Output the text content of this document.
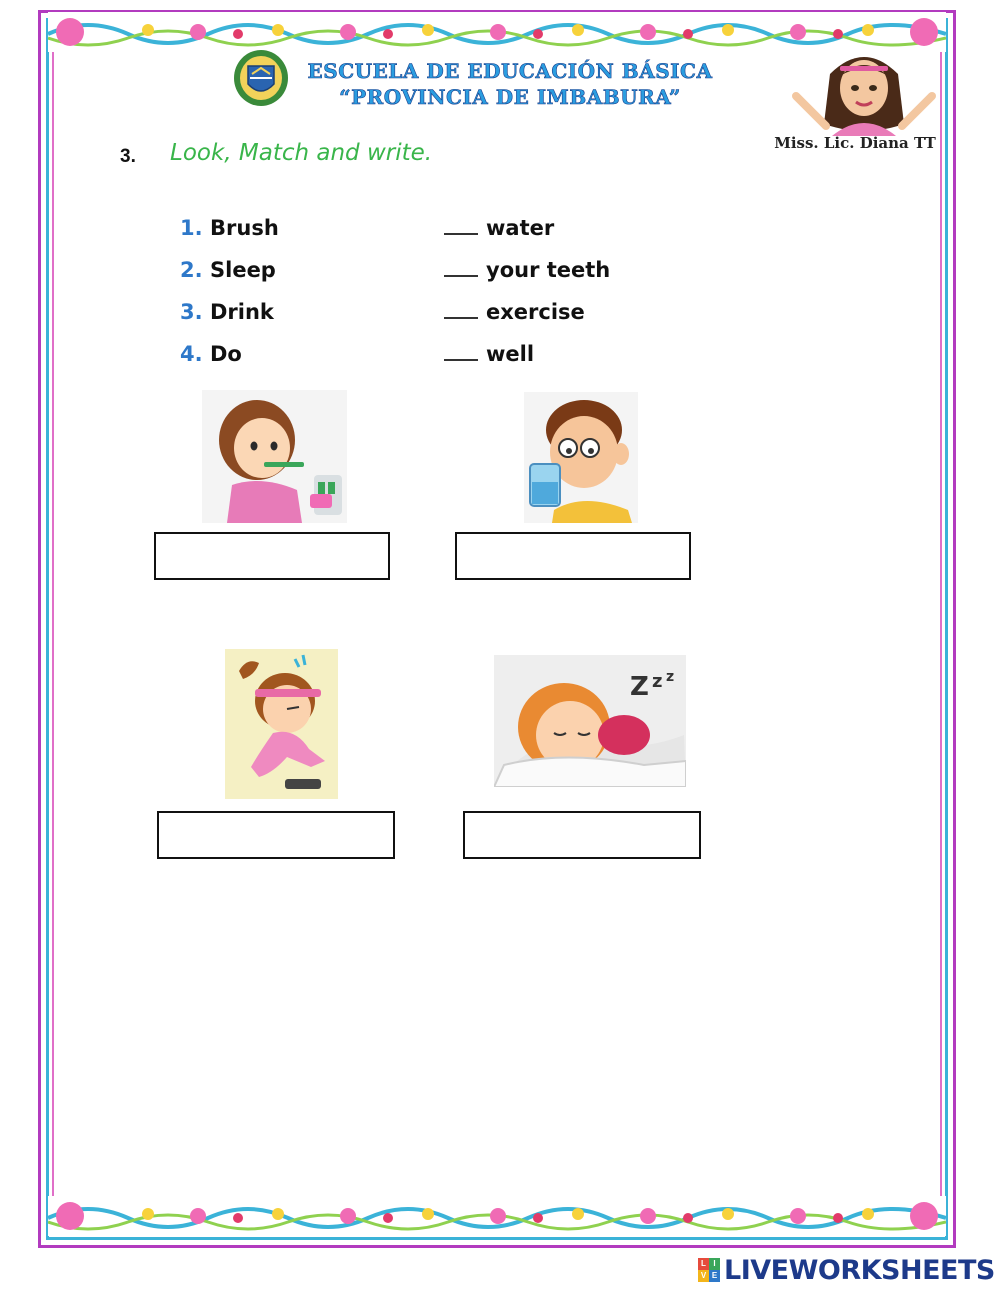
ESCUELA DE EDUCACIÓN BÁSICA
“PROVINCIA DE IMBABURA”
Miss. Lic. Diana TT
3. Look, Match and write.
1. Brush
2. Sleep
3. Drink
4. Do
water
your teeth
exercise
well
Z z z
L I
V E LIVEWORKSHEETS
